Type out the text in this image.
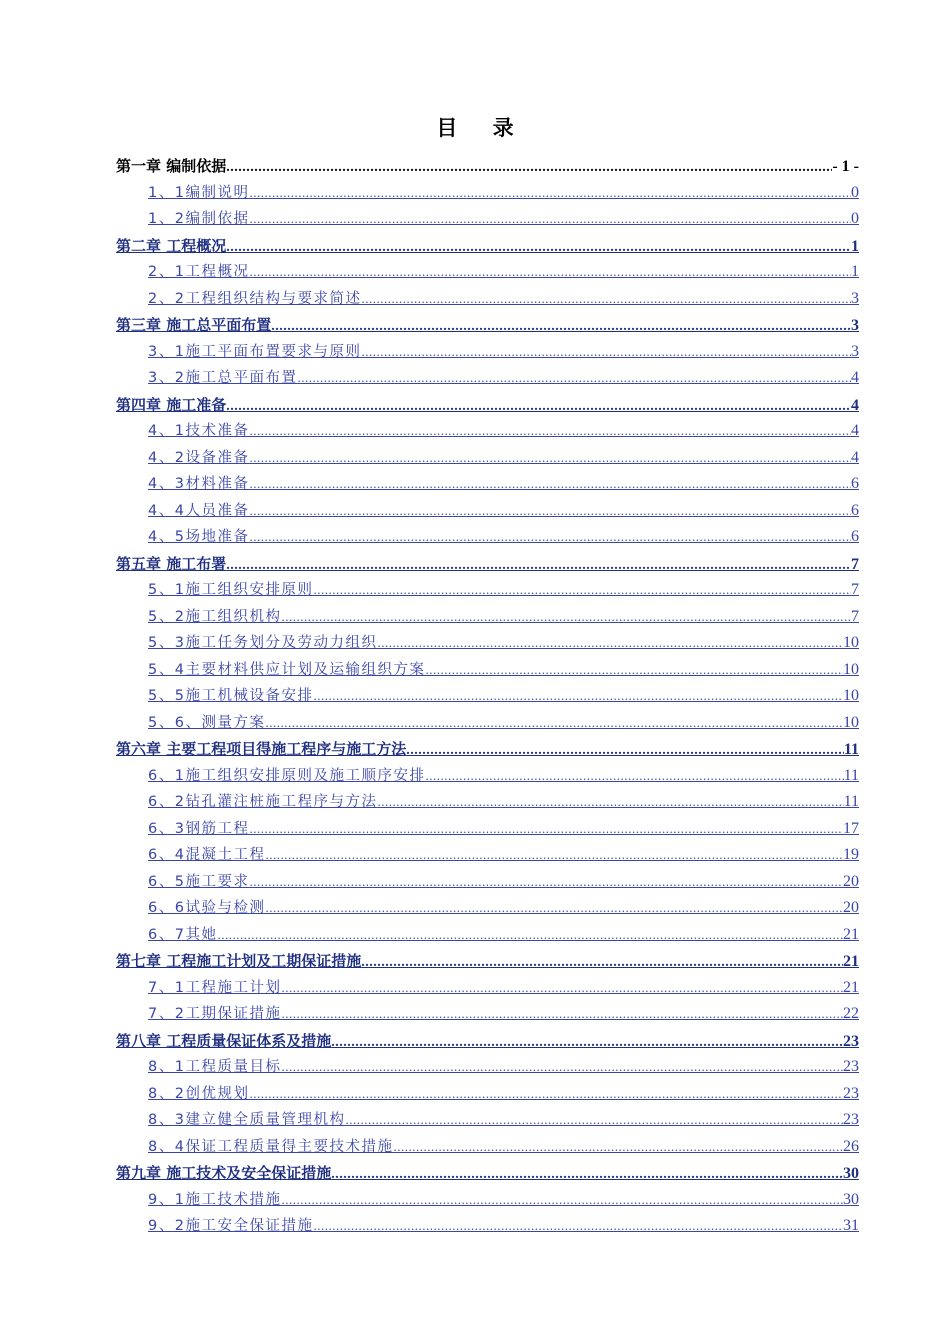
目 录
第一章 编制依据 .....	- 1 -
1、1编制说明 .....	0
1、2编制依据 .....	0
第二章 工程概况 .....	1
2、1工程概况 .....	1
2、2工程组织结构与要求简述 .....	3
第三章 施工总平面布置 .....	3
3、1施工平面布置要求与原则 .....	3
3、2施工总平面布置 .....	4
第四章 施工准备 .....	4
4、1技术准备 .....	4
4、2设备准备 .....	4
4、3材料准备 .....	6
4、4人员准备 .....	6
4、5场地准备 .....	6
第五章 施工布署 .....	7
5、1施工组织安排原则 .....	7
5、2施工组织机构 .....	7
5、3施工任务划分及劳动力组织 .....	10
5、4主要材料供应计划及运输组织方案 .....	10
5、5施工机械设备安排 .....	10
5、6、测量方案 .....	10
第六章 主要工程项目得施工程序与施工方法 .....	11
6、1施工组织安排原则及施工顺序安排 .....	11
6、2钻孔灌注桩施工程序与方法 .....	11
6、3钢筋工程 .....	17
6、4混凝土工程 .....	19
6、5施工要求 .....	20
6、6试验与检测 .....	20
6、7其她 .....	21
第七章 工程施工计划及工期保证措施 .....	21
7、1工程施工计划 .....	21
7、2工期保证措施 .....	22
第八章 工程质量保证体系及措施 .....	23
8、1工程质量目标 .....	23
8、2创优规划 .....	23
8、3建立健全质量管理机构 .....	23
8、4保证工程质量得主要技术措施 .....	26
第九章 施工技术及安全保证措施 .....	30
9、1施工技术措施 .....	30
9、2施工安全保证措施 .....	31
